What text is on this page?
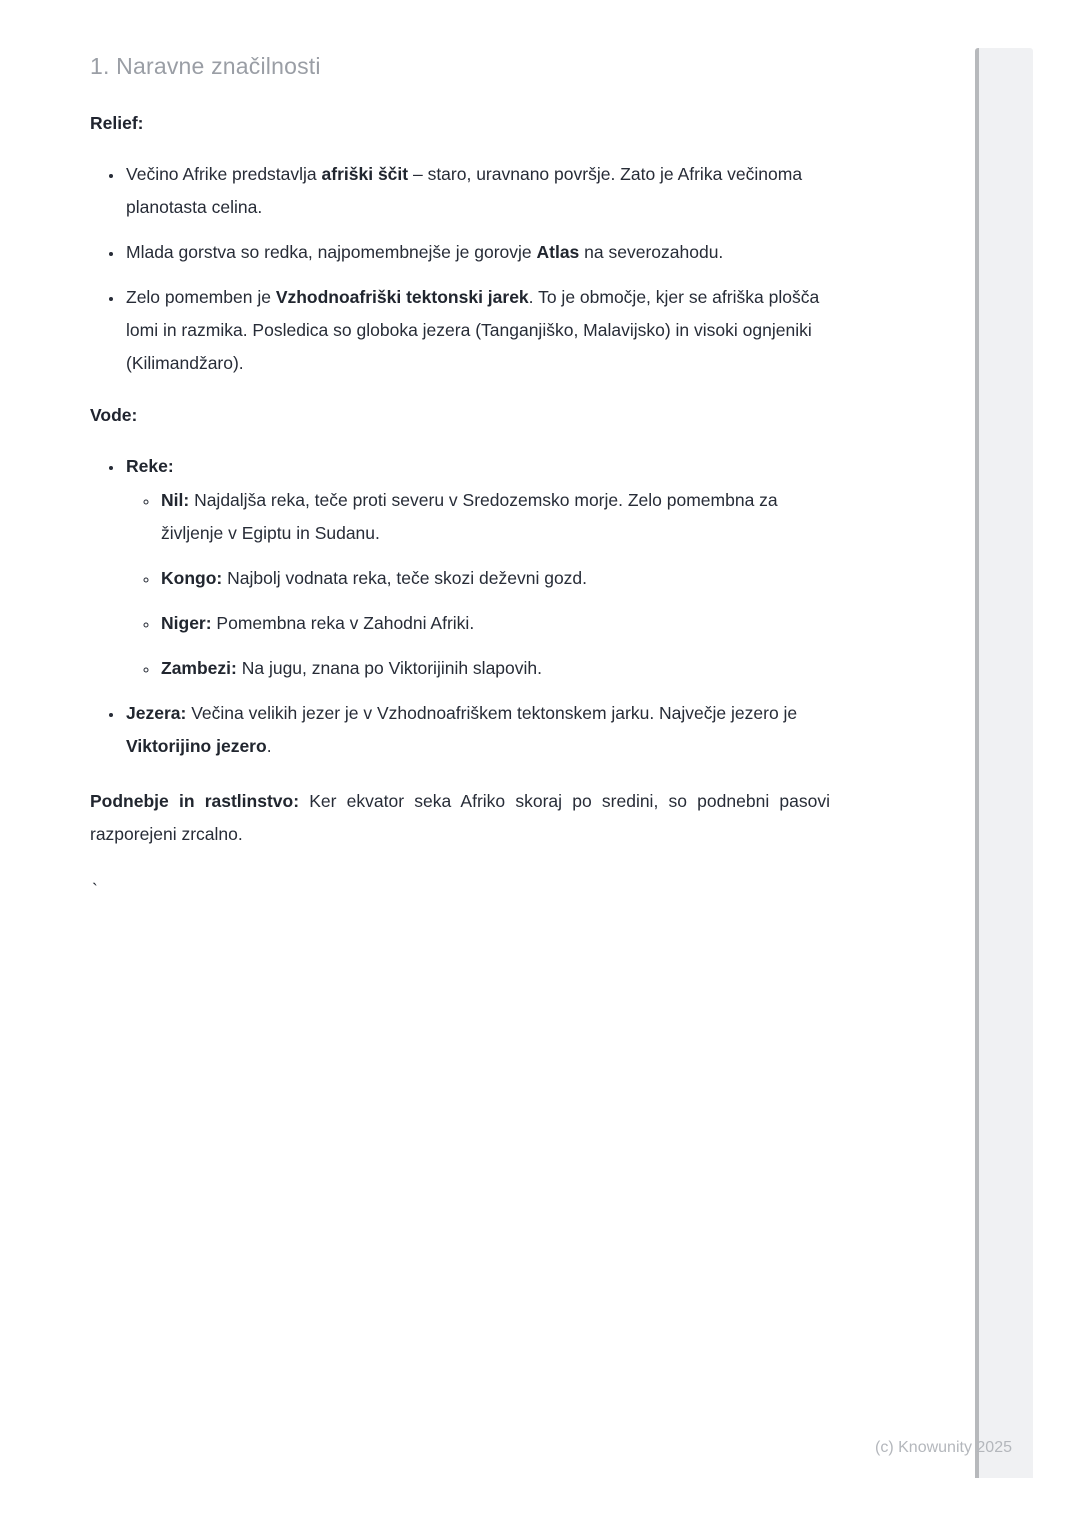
1. Naravne značilnosti

Relief:

• Večino Afrike predstavlja afriški ščit – staro, uravnano površje. Zato je Afrika večinoma planotasta celina.
• Mlada gorstva so redka, najpomembnejše je gorovje Atlas na severozahodu.
• Zelo pomemben je Vzhodnoafriški tektonski jarek. To je območje, kjer se afriška plošča lomi in razmika. Posledica so globoka jezera (Tanganjiško, Malavijsko) in visoki ognjeniki (Kilimandžaro).

Vode:

• Reke:
◦ Nil: Najdaljša reka, teče proti severu v Sredozemsko morje. Zelo pomembna za življenje v Egiptu in Sudanu.
◦ Kongo: Najbolj vodnata reka, teče skozi deževni gozd.
◦ Niger: Pomembna reka v Zahodni Afriki.
◦ Zambezi: Na jugu, znana po Viktorijinih slapovih.
• Jezera: Večina velikih jezer je v Vzhodnoafriškem tektonskem jarku. Največje jezero je Viktorijino jezero.

Podnebje in rastlinstvo: Ker ekvator seka Afriko skoraj po sredini, so podnebni pasovi razporejeni zrcalno.

`

(c) Knowunity 2025
